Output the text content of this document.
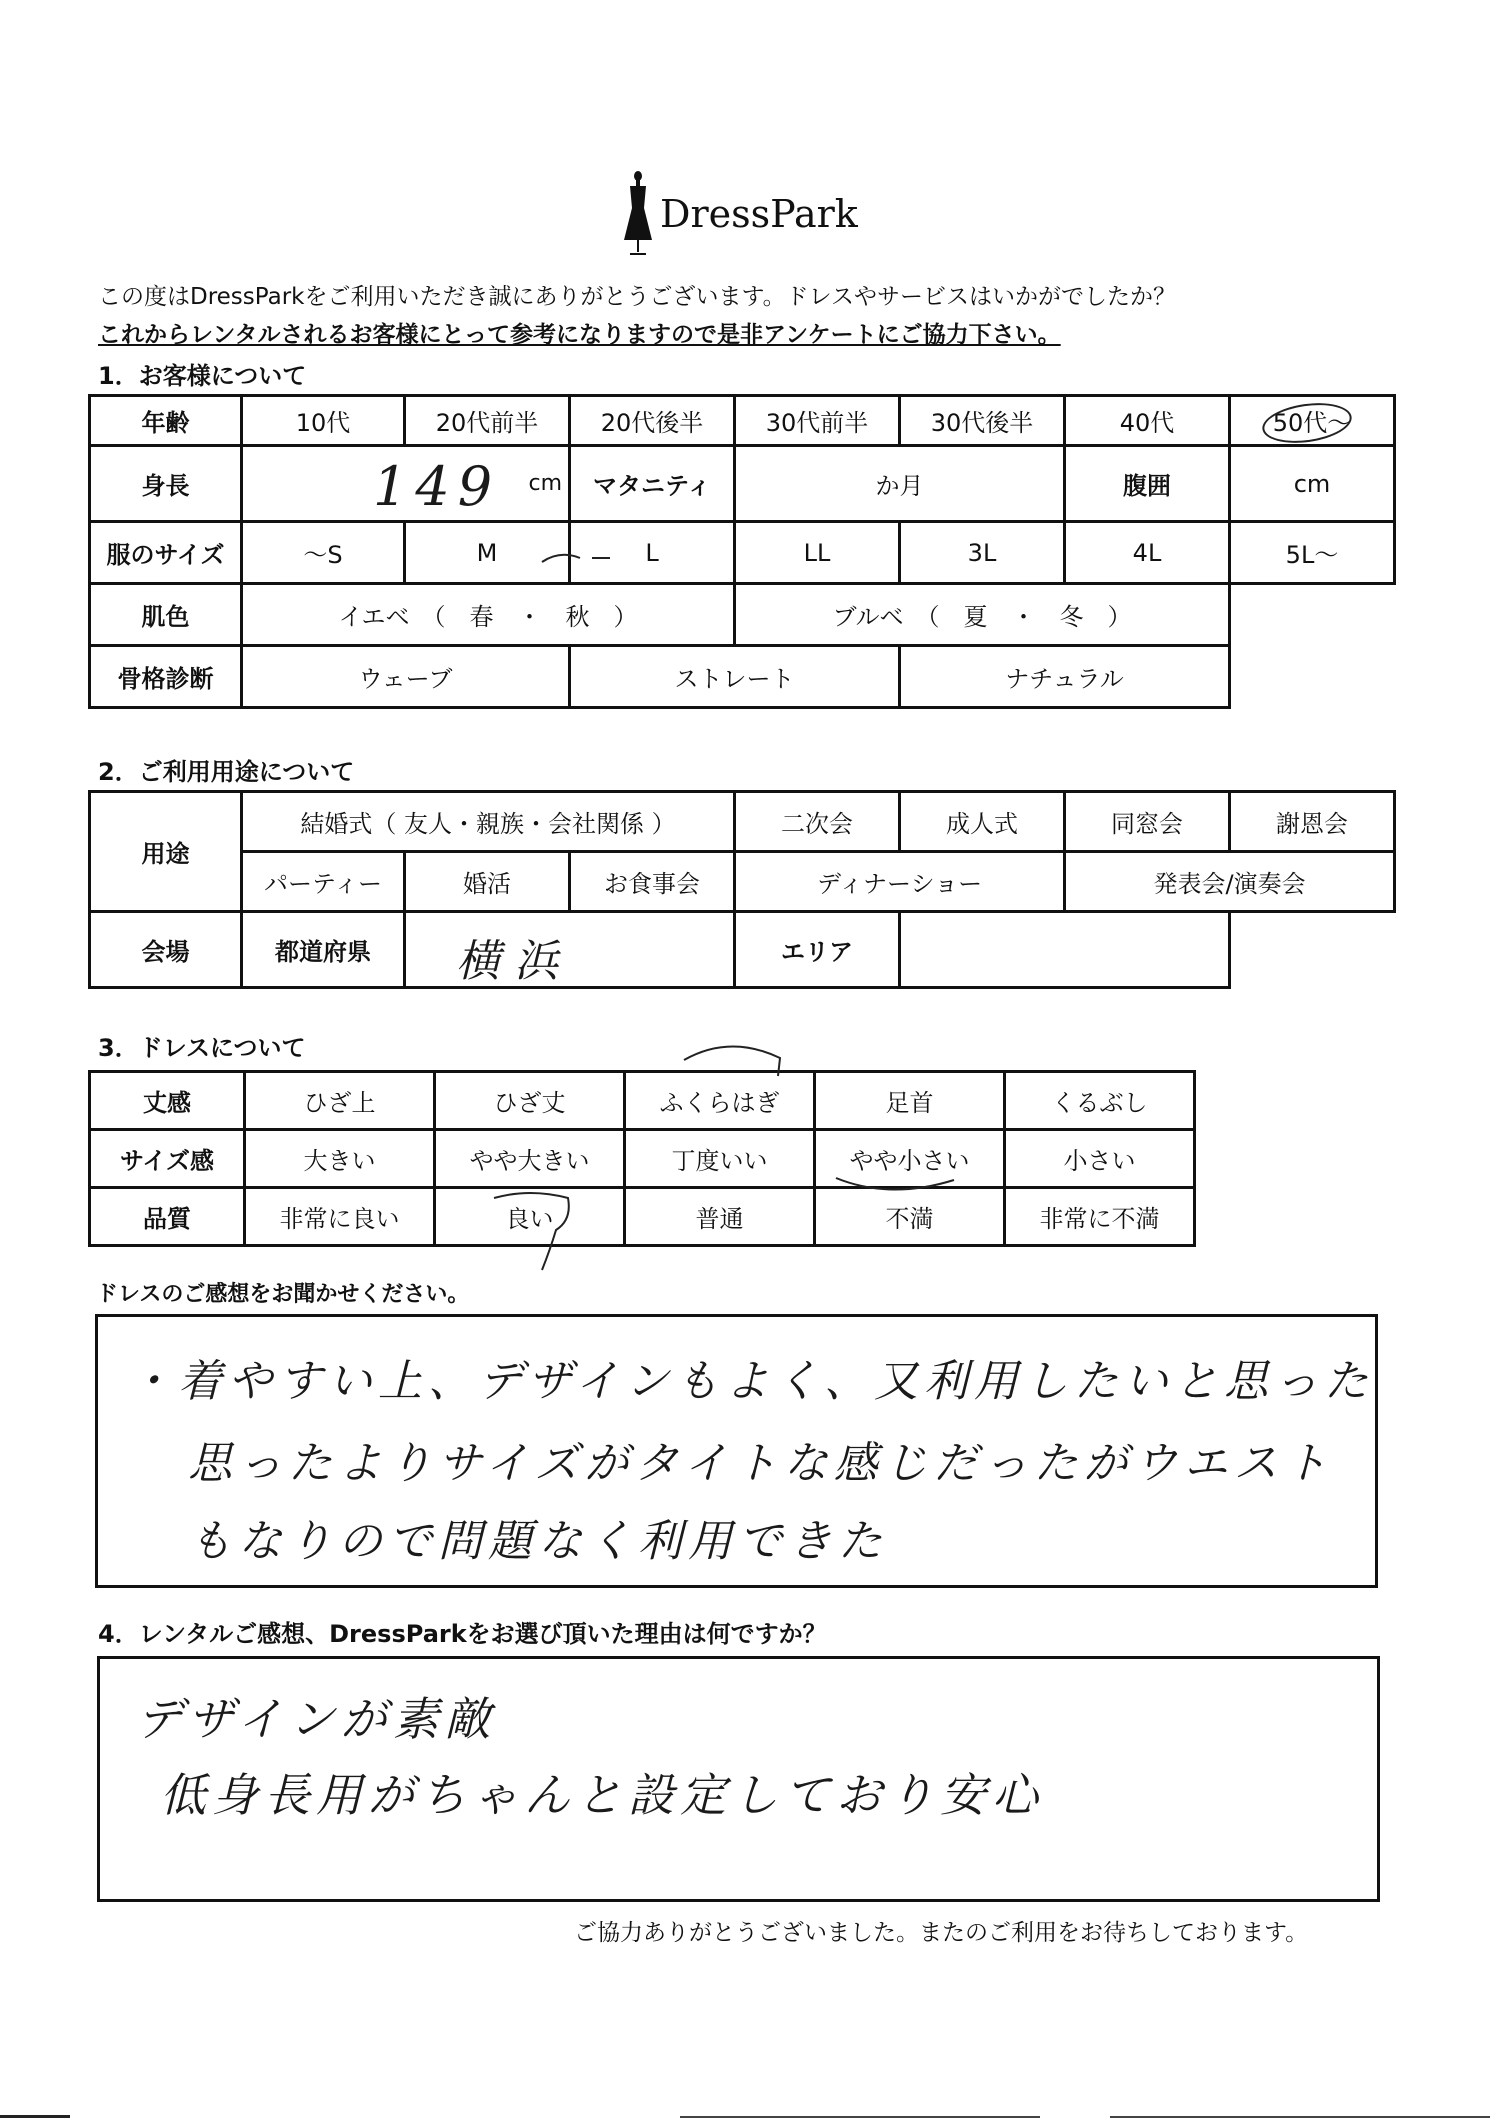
DressPark
この度はDressParkをご利用いただき誠にありがとうございます。ドレスやサービスはいかがでしたか？
これからレンタルされるお客様にとって参考になりますので是非アンケートにご協力下さい。
1．お客様について
年齢	10代	20代前半	20代後半	30代前半	30代後半	40代	50代〜
身長	149 cm		マタニティ	か月		腹囲	cm
服のサイズ	〜S	M	L	LL	3L	4L	5L〜
肌色	イエベ　（　春　・　秋　）			ブルベ　（　夏　・　冬　）			
骨格診断	ウェーブ		ストレート		ナチュラル		
2．ご利用用途について
用途	結婚式（ 友人・親族・会社関係 ）			二次会	成人式	同窓会	謝恩会
	パーティー	婚活	お食事会	ディナーショー		発表会/演奏会	
会場	都道府県	横浜		エリア			
3．ドレスについて
丈感	ひざ上	ひざ丈	ふくらはぎ	足首	くるぶし
サイズ感	大きい	やや大きい	丁度いい	やや小さい	小さい
品質	非常に良い	良い	普通	不満	非常に不満
ドレスのご感想をお聞かせください。
・着やすい上、デザインもよく、又利用したいと思った
思ったよりサイズがタイトな感じだったがウエスト
もなりので問題なく利用できた
4．レンタルご感想、DressParkをお選び頂いた理由は何ですか？
デザインが素敵
低身長用がちゃんと設定しており安心
ご協力ありがとうございました。またのご利用をお待ちしております。
